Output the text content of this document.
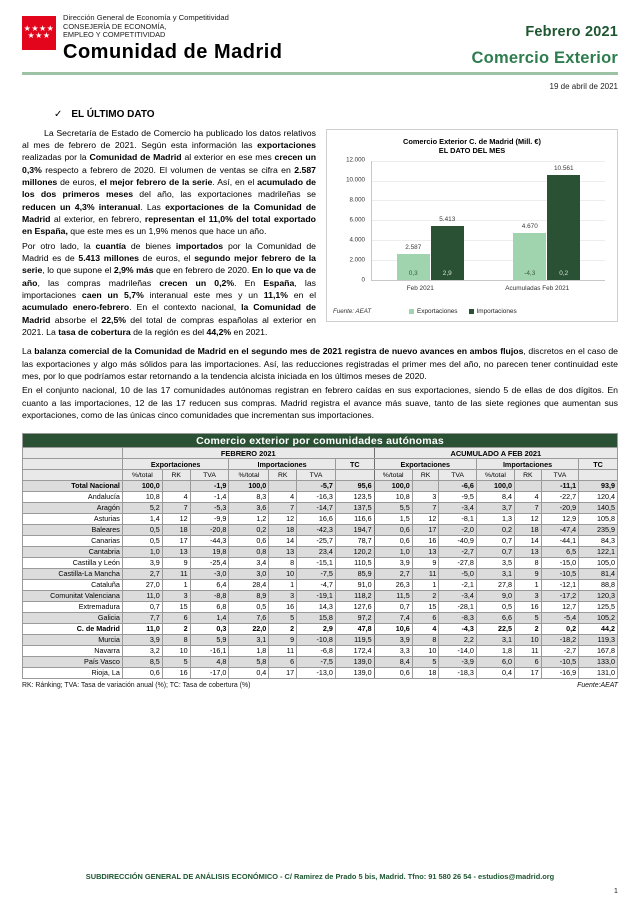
★★★★
★★★
Dirección General de Economía y Competitividad
CONSEJERÍA DE ECONOMÍA,
EMPLEO Y COMPETITIVIDAD
Comunidad de Madrid
Febrero 2021
Comercio Exterior
19 de abril de 2021
✓ EL ÚLTIMO DATO
Comercio Exterior C. de Madrid (Mill. €)
EL DATO DEL MES
12.000
10.000
8.000
6.000
4.000
2.000
0
2.587
0,3
5.413
2,9
4.670
-4,3
10.561
0,2
Feb 2021	Acumuladas Feb 2021
Fuente: AEAT	Exportaciones	Importaciones

La Secretaría de Estado de Comercio ha publicado los datos relativos al mes de febrero de 2021. Según esta información las exportaciones realizadas por la Comunidad de Madrid al exterior en ese mes crecen un 0,3% respecto a febrero de 2020. El volumen de ventas se cifra en 2.587 millones de euros, el mejor febrero de la serie. Así, en el acumulado de los dos primeros meses del año, las exportaciones madrileñas se reducen un 4,3% interanual. Las exportaciones de la Comunidad de Madrid al exterior, en febrero, representan el 11,0% del total exportado en España, que este mes es un 1,9% menos que hace un año.

Por otro lado, la cuantía de bienes importados por la Comunidad de Madrid es de 5.413 millones de euros, el segundo mejor febrero de la serie, lo que supone el 2,9% más que en febrero de 2020. En lo que va de año, las compras madrileñas crecen un 0,2%. En España, las importaciones caen un 5,7% interanual este mes y un 11,1% en el acumulado enero-febrero. En el contexto nacional, la Comunidad de Madrid absorbe el 22,5% del total de compras españolas al exterior en 2021. La tasa de cobertura de la región es del 44,2% en 2021.

La balanza comercial de la Comunidad de Madrid en el segundo mes de 2021 registra de nuevo avances en ambos flujos, discretos en el caso de las exportaciones y algo más sólidos para las importaciones. Así, las reducciones registradas el primer mes del año, no parecen tener continuidad este mes, por lo que podríamos estar retornando a la tendencia alcista iniciada en los últimos meses de 2020.

En el conjunto nacional, 10 de las 17 comunidades autónomas registran en febrero caídas en sus exportaciones, siendo 5 de ellas de dos dígitos. En cuanto a las importaciones, 12 de las 17 reducen sus compras. Madrid registra el avance más suave, tanto de las siete regiones que aumentan sus exportaciones, como de las únicas cinco comunidades que incrementan sus importaciones.

Comercio exterior por comunidades autónomas														
	FEBRERO 2021							ACUMULADO A FEB 2021						
	Exportaciones			Importaciones			TC	Exportaciones			Importaciones			TC
	%/total	RK	TVA	%/total	RK	TVA		%/total	RK	TVA	%/total	RK	TVA	
Total Nacional	100,0		-1,9	100,0		-5,7	95,6	100,0		-6,6	100,0		-11,1	93,9
Andalucía	10,8	4	-1,4	8,3	4	-16,3	123,5	10,8	3	-9,5	8,4	4	-22,7	120,4
Aragón	5,2	7	-5,3	3,6	7	-14,7	137,5	5,5	7	-3,4	3,7	7	-20,9	140,5
Asturias	1,4	12	-9,9	1,2	12	16,6	116,6	1,5	12	-8,1	1,3	12	12,9	105,8
Baleares	0,5	18	-20,8	0,2	18	-42,3	194,7	0,6	17	-2,0	0,2	18	-47,4	235,9
Canarias	0,5	17	-44,3	0,6	14	-25,7	78,7	0,6	16	-40,9	0,7	14	-44,1	84,3
Cantabria	1,0	13	19,8	0,8	13	23,4	120,2	1,0	13	-2,7	0,7	13	6,5	122,1
Castilla y León	3,9	9	-25,4	3,4	8	-15,1	110,5	3,9	9	-27,8	3,5	8	-15,0	105,0
Castilla-La Mancha	2,7	11	-3,0	3,0	10	-7,5	85,9	2,7	11	-5,0	3,1	9	-10,5	81,4
Cataluña	27,0	1	6,4	28,4	1	-4,7	91,0	26,3	1	-2,1	27,8	1	-12,1	88,8
Comunitat Valenciana	11,0	3	-8,8	8,9	3	-19,1	118,2	11,5	2	-3,4	9,0	3	-17,2	120,3
Extremadura	0,7	15	6,8	0,5	16	14,3	127,6	0,7	15	-28,1	0,5	16	12,7	125,5
Galicia	7,7	6	1,4	7,6	5	15,8	97,2	7,4	6	-8,3	6,6	5	-5,4	105,2
C. de Madrid	11,0	2	0,3	22,0	2	2,9	47,8	10,6	4	-4,3	22,5	2	0,2	44,2
Murcia	3,9	8	5,9	3,1	9	-10,8	119,5	3,9	8	2,2	3,1	10	-18,2	119,3
Navarra	3,2	10	-16,1	1,8	11	-6,8	172,4	3,3	10	-14,0	1,8	11	-2,7	167,8
País Vasco	8,5	5	4,8	5,8	6	-7,5	139,0	8,4	5	-3,9	6,0	6	-10,5	133,0
Rioja, La	0,6	16	-17,0	0,4	17	-13,0	139,0	0,6	18	-18,3	0,4	17	-16,9	131,0
RK: Ránking; TVA: Tasa de variación anual (%); TC: Tasa de cobertura (%)	Fuente:AEAT
SUBDIRECCIÓN GENERAL DE ANÁLISIS ECONÓMICO - C/ Ramirez de Prado 5 bis, Madrid. Tfno: 91 580 26 54 - estudios@madrid.org
1
